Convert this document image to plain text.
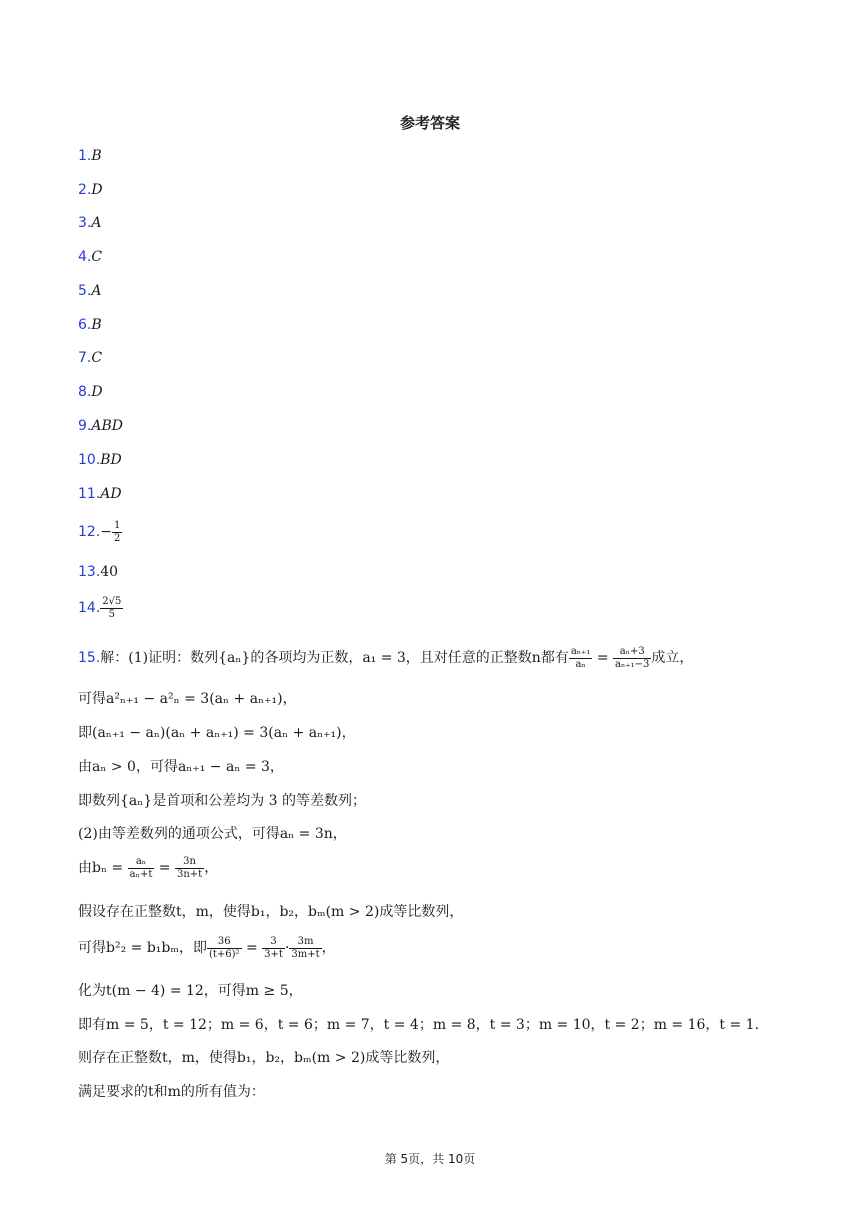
参考答案
1.B
2.D
3.A
4.C
5.A
6.B
7.C
8.D
9.ABD
10.BD
11.AD
$12.- \frac{1}{2}$
13.40
14. $\frac{2√5}{5}$
15.解：(1)证明：数列{aₙ}的各项均为正数，a₁ = 3，且对任意的正整数n都有 $\frac{\text{aₙ₊₁}}{\text{aₙ}} = \frac{\text{aₙ+3}}{\text{aₙ₊₁−3}}$ 成立，
可得a²ₙ₊₁ − a²ₙ = 3(aₙ + aₙ₊₁)，
即(aₙ₊₁ − aₙ)(aₙ + aₙ₊₁) = 3(aₙ + aₙ₊₁)，
由aₙ > 0，可得aₙ₊₁ − aₙ = 3，
即数列{aₙ}是首项和公差均为 3 的等差数列；
(2)由等差数列的通项公式，可得aₙ = 3n，
由$b_n = \frac{\text{aₙ}}{\text{aₙ+t}} = \frac{3n}{3n+t}$ ，
假设存在正整数t，m，使得b₁，b₂，bₘ(m > 2)成等比数列，
可得b²₂ = b₁bₘ，即 $\frac{36}{\text{(t+6)²}} = \frac{3}{3+t} \cdot \frac{3m}{3m+t}$ ，
化为t(m − 4) = 12，可得m ≥ 5，
即有m = 5，t = 12；m = 6，t = 6；m = 7，t = 4；m = 8，t = 3；m = 10，t = 2；m = 16，t = 1.
则存在正整数t，m，使得b₁，b₂，bₘ(m > 2)成等比数列，
满足要求的t和m的所有值为：
第 5页，共 10页
